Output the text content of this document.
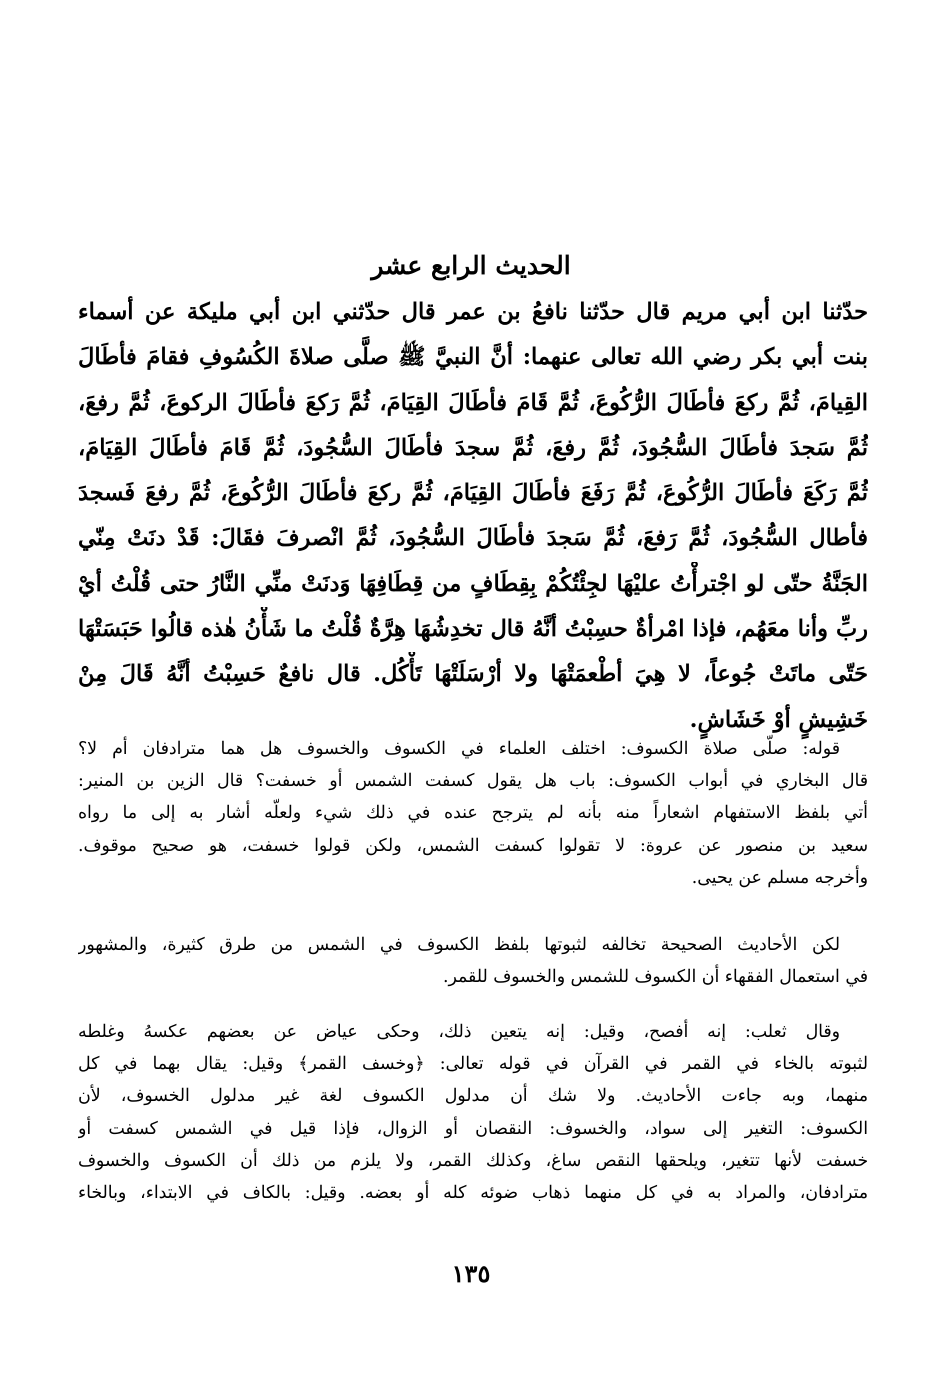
الحديث الرابع عشر
حدّثنا ابن أبي مريم قال حدّثنا نافعُ بن عمر قال حدّثني ابن أبي مليكة عن أسماء
بنت أبي بكر رضي الله تعالى عنهما: أنَّ النبيَّ ﷺ صلَّى صلاةَ الكُسُوفِ فقامَ فأطَالَ
القِيامَ، ثُمَّ ركعَ فأطَالَ الرُّكُوعَ، ثُمَّ قَامَ فأطَالَ القِيَامَ، ثُمَّ رَكعَ فأطَالَ الركوعَ، ثُمَّ رفعَ،
ثُمَّ سَجدَ فأطَالَ السُّجُودَ، ثُمَّ رفعَ، ثُمَّ سجدَ فأطَالَ السُّجُودَ، ثُمَّ قَامَ فأطَالَ القِيَامَ،
ثُمَّ رَكَعَ فأطَالَ الرُّكُوعَ، ثُمَّ رَفَعَ فأطَالَ القِيَامَ، ثُمَّ ركعَ فأطَالَ الرُّكُوعَ، ثُمَّ رفعَ فَسجدَ
فأطال السُّجُودَ، ثُمَّ رَفعَ، ثُمَّ سَجدَ فأطَالَ السُّجُودَ، ثُمَّ انْصرفَ فقَالَ: قَدْ دنَتْ مِنّي
الجَنَّةُ حتّى لو اجْترأْتُ عليْهَا لجِئْتُكُمْ بِقِطَافٍ من قِطَافِهَا وَدنَتْ منِّي النَّارُ حتى قُلْتُ أيْ
ربِّ وأنا معَهُم، فإذا امْرأةٌ حسِبْتُ أنَّهُ قال تخدِشُهَا هِرَّةٌ قُلْتُ ما شَأْنُ هٰذه قالُوا حَبَسَتْهَا
حَتّى ماتَتْ جُوعاً، لا هِيَ أطْعمَتْهَا ولا أرْسَلَتْهَا تَأْكُل. قال نافعٌ حَسِبْتُ أنَّهُ قَالَ مِنْ
خَشِيشٍ أوْ خَشَاشٍ.
قوله: صلّى صلاة الكسوف: اختلف العلماء في الكسوف والخسوف هل هما مترادفان أم لا؟
قال البخاري في أبواب الكسوف: باب هل يقول كسفت الشمس أو خسفت؟ قال الزين بن المنير:
أتي بلفظ الاستفهام اشعاراً منه بأنه لم يترجح عنده في ذلك شيء ولعلّه أشار به إلى ما رواه
سعيد بن منصور عن عروة: لا تقولوا كسفت الشمس، ولكن قولوا خسفت، هو صحيح موقوف.
وأخرجه مسلم عن يحيى.
لكن الأحاديث الصحيحة تخالفه لثبوتها بلفظ الكسوف في الشمس من طرق كثيرة، والمشهور
في استعمال الفقهاء أن الكسوف للشمس والخسوف للقمر.
وقال ثعلب: إنه أفصح، وقيل: إنه يتعين ذلك، وحكى عياض عن بعضهم عكسهُ وغلطه
لثبوته بالخاء في القمر في القرآن في قوله تعالى: ﴿وخسف القمر﴾ وقيل: يقال بهما في كل
منهما، وبه جاءت الأحاديث. ولا شك أن مدلول الكسوف لغة غير مدلول الخسوف، لأن
الكسوف: التغير إلى سواد، والخسوف: النقصان أو الزوال، فإذا قيل في الشمس كسفت أو
خسفت لأنها تتغير، ويلحقها النقص ساغ، وكذلك القمر، ولا يلزم من ذلك أن الكسوف والخسوف
مترادفان، والمراد به في كل منهما ذهاب ضوئه كله أو بعضه. وقيل: بالكاف في الابتداء، وبالخاء
١٣٥
